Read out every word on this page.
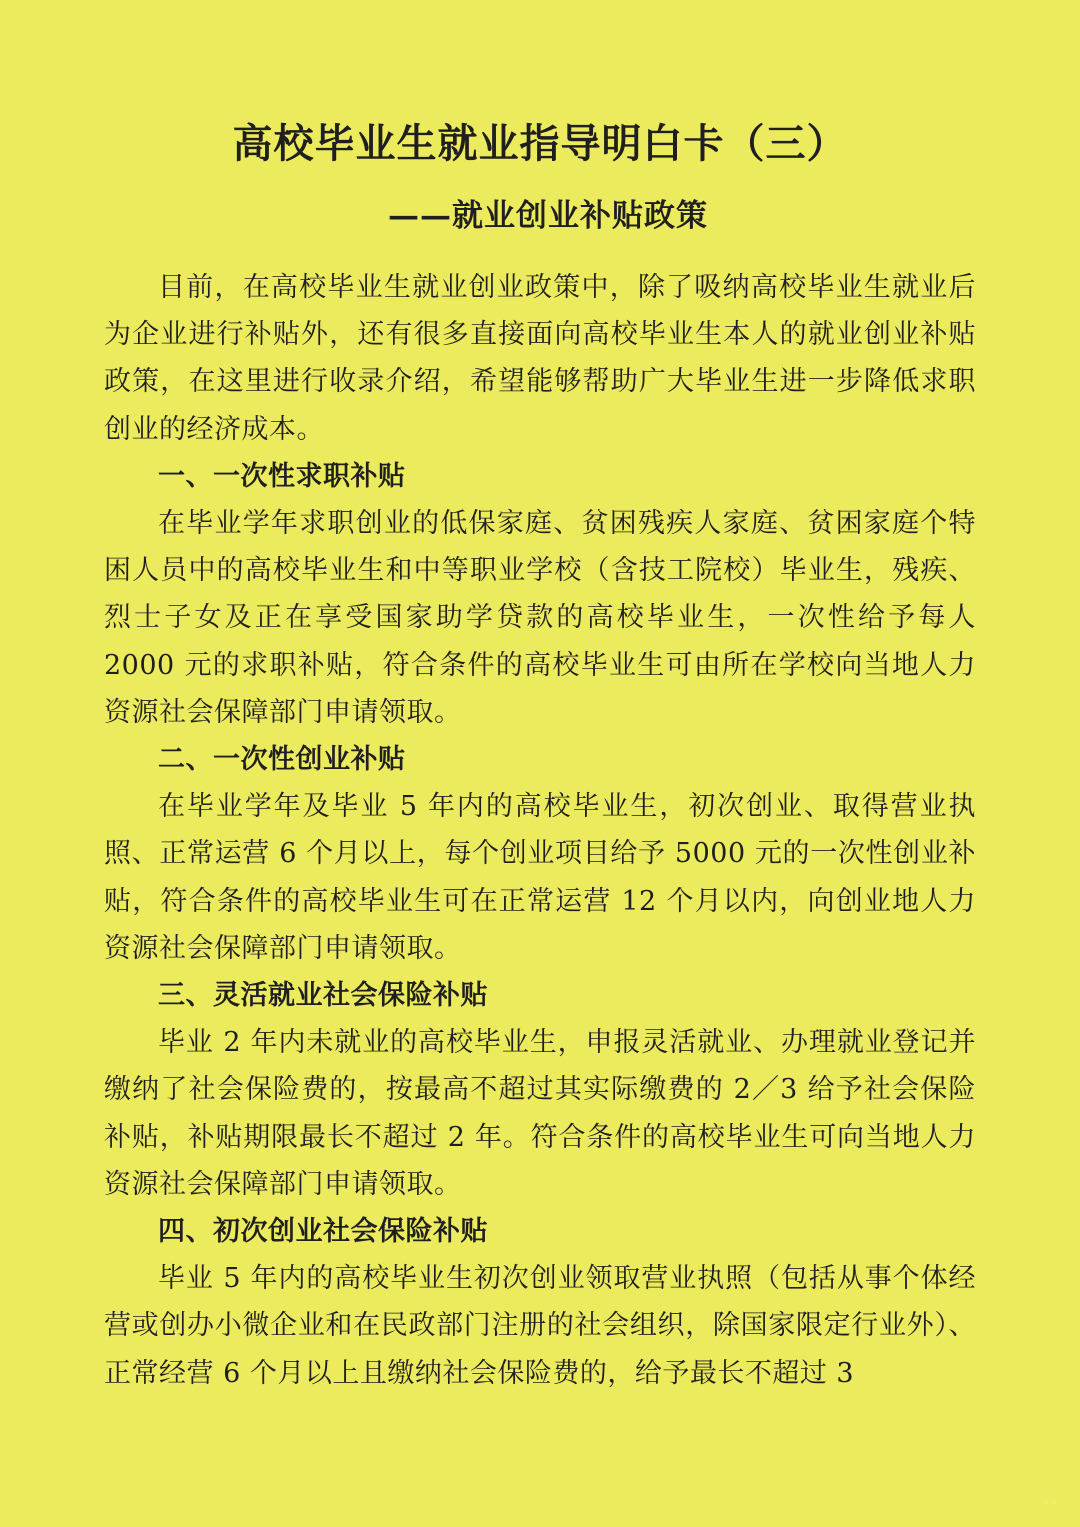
高校毕业生就业指导明白卡（三）
——就业创业补贴政策

目前，在高校毕业生就业创业政策中，除了吸纳高校毕业生就业后为企业进行补贴外，还有很多直接面向高校毕业生本人的就业创业补贴政策，在这里进行收录介绍，希望能够帮助广大毕业生进一步降低求职创业的经济成本。

一、一次性求职补贴

在毕业学年求职创业的低保家庭、贫困残疾人家庭、贫困家庭个特困人员中的高校毕业生和中等职业学校（含技工院校）毕业生，残疾、烈士子女及正在享受国家助学贷款的高校毕业生，一次性给予每人 2000 元的求职补贴，符合条件的高校毕业生可由所在学校向当地人力资源社会保障部门申请领取。

二、一次性创业补贴

在毕业学年及毕业 5 年内的高校毕业生，初次创业、取得营业执照、正常运营 6 个月以上，每个创业项目给予 5000 元的一次性创业补贴，符合条件的高校毕业生可在正常运营 12 个月以内，向创业地人力资源社会保障部门申请领取。

三、灵活就业社会保险补贴

毕业 2 年内未就业的高校毕业生，申报灵活就业、办理就业登记并缴纳了社会保险费的，按最高不超过其实际缴费的 2／3 给予社会保险补贴，补贴期限最长不超过 2 年。符合条件的高校毕业生可向当地人力资源社会保障部门申请领取。

四、初次创业社会保险补贴

毕业 5 年内的高校毕业生初次创业领取营业执照（包括从事个体经营或创办小微企业和在民政部门注册的社会组织，除国家限定行业外）、正常经营 6 个月以上且缴纳社会保险费的，给予最长不超过 3

◦ ◦
